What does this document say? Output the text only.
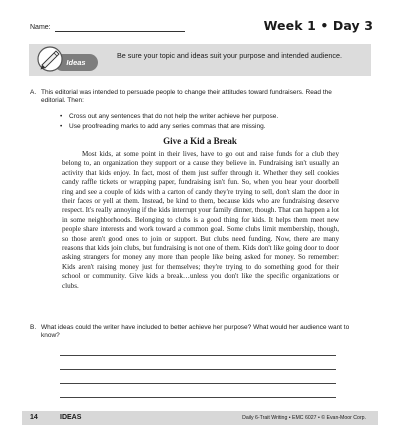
Name:	Week 1 • Day 3
Ideas
Be sure your topic and ideas suit your purpose and intended audience.
A. This editorial was intended to persuade people to change their attitudes toward fundraisers. Read the editorial. Then:
•	Cross out any sentences that do not help the writer achieve her purpose.
•	Use proofreading marks to add any series commas that are missing.
Give a Kid a Break

Most kids, at some point in their lives, have to go out and raise funds for a club they belong to, an organization they support or a cause they believe in. Fundraising isn't usually an activity that kids enjoy. In fact, most of them just suffer through it. Whether they sell cookies candy raffle tickets or wrapping paper, fundraising isn't fun. So, when you hear your doorbell ring and see a couple of kids with a carton of candy they're trying to sell, don't slam the door in their faces or yell at them. Instead, be kind to them, because kids who are fundraising deserve respect. It's really annoying if the kids interrupt your family dinner, though. That can happen a lot in some neighborhoods. Belonging to clubs is a good thing for kids. It helps them meet new people share interests and work toward a common goal. Some clubs limit membership, though, so those aren't good ones to join or support. But clubs need funding. Now, there are many reasons that kids join clubs, but fundraising is not one of them. Kids don't like going door to door asking strangers for money any more than people like being asked for money. So remember: Kids aren't raising money just for themselves; they're trying to do something good for their school or community. Give kids a break…unless you don't like the specific organizations or clubs.

B. What ideas could the writer have included to better achieve her purpose? What would her audience want to know?
14	IDEAS	Daily 6-Trait Writing • EMC 6027 • © Evan-Moor Corp.
